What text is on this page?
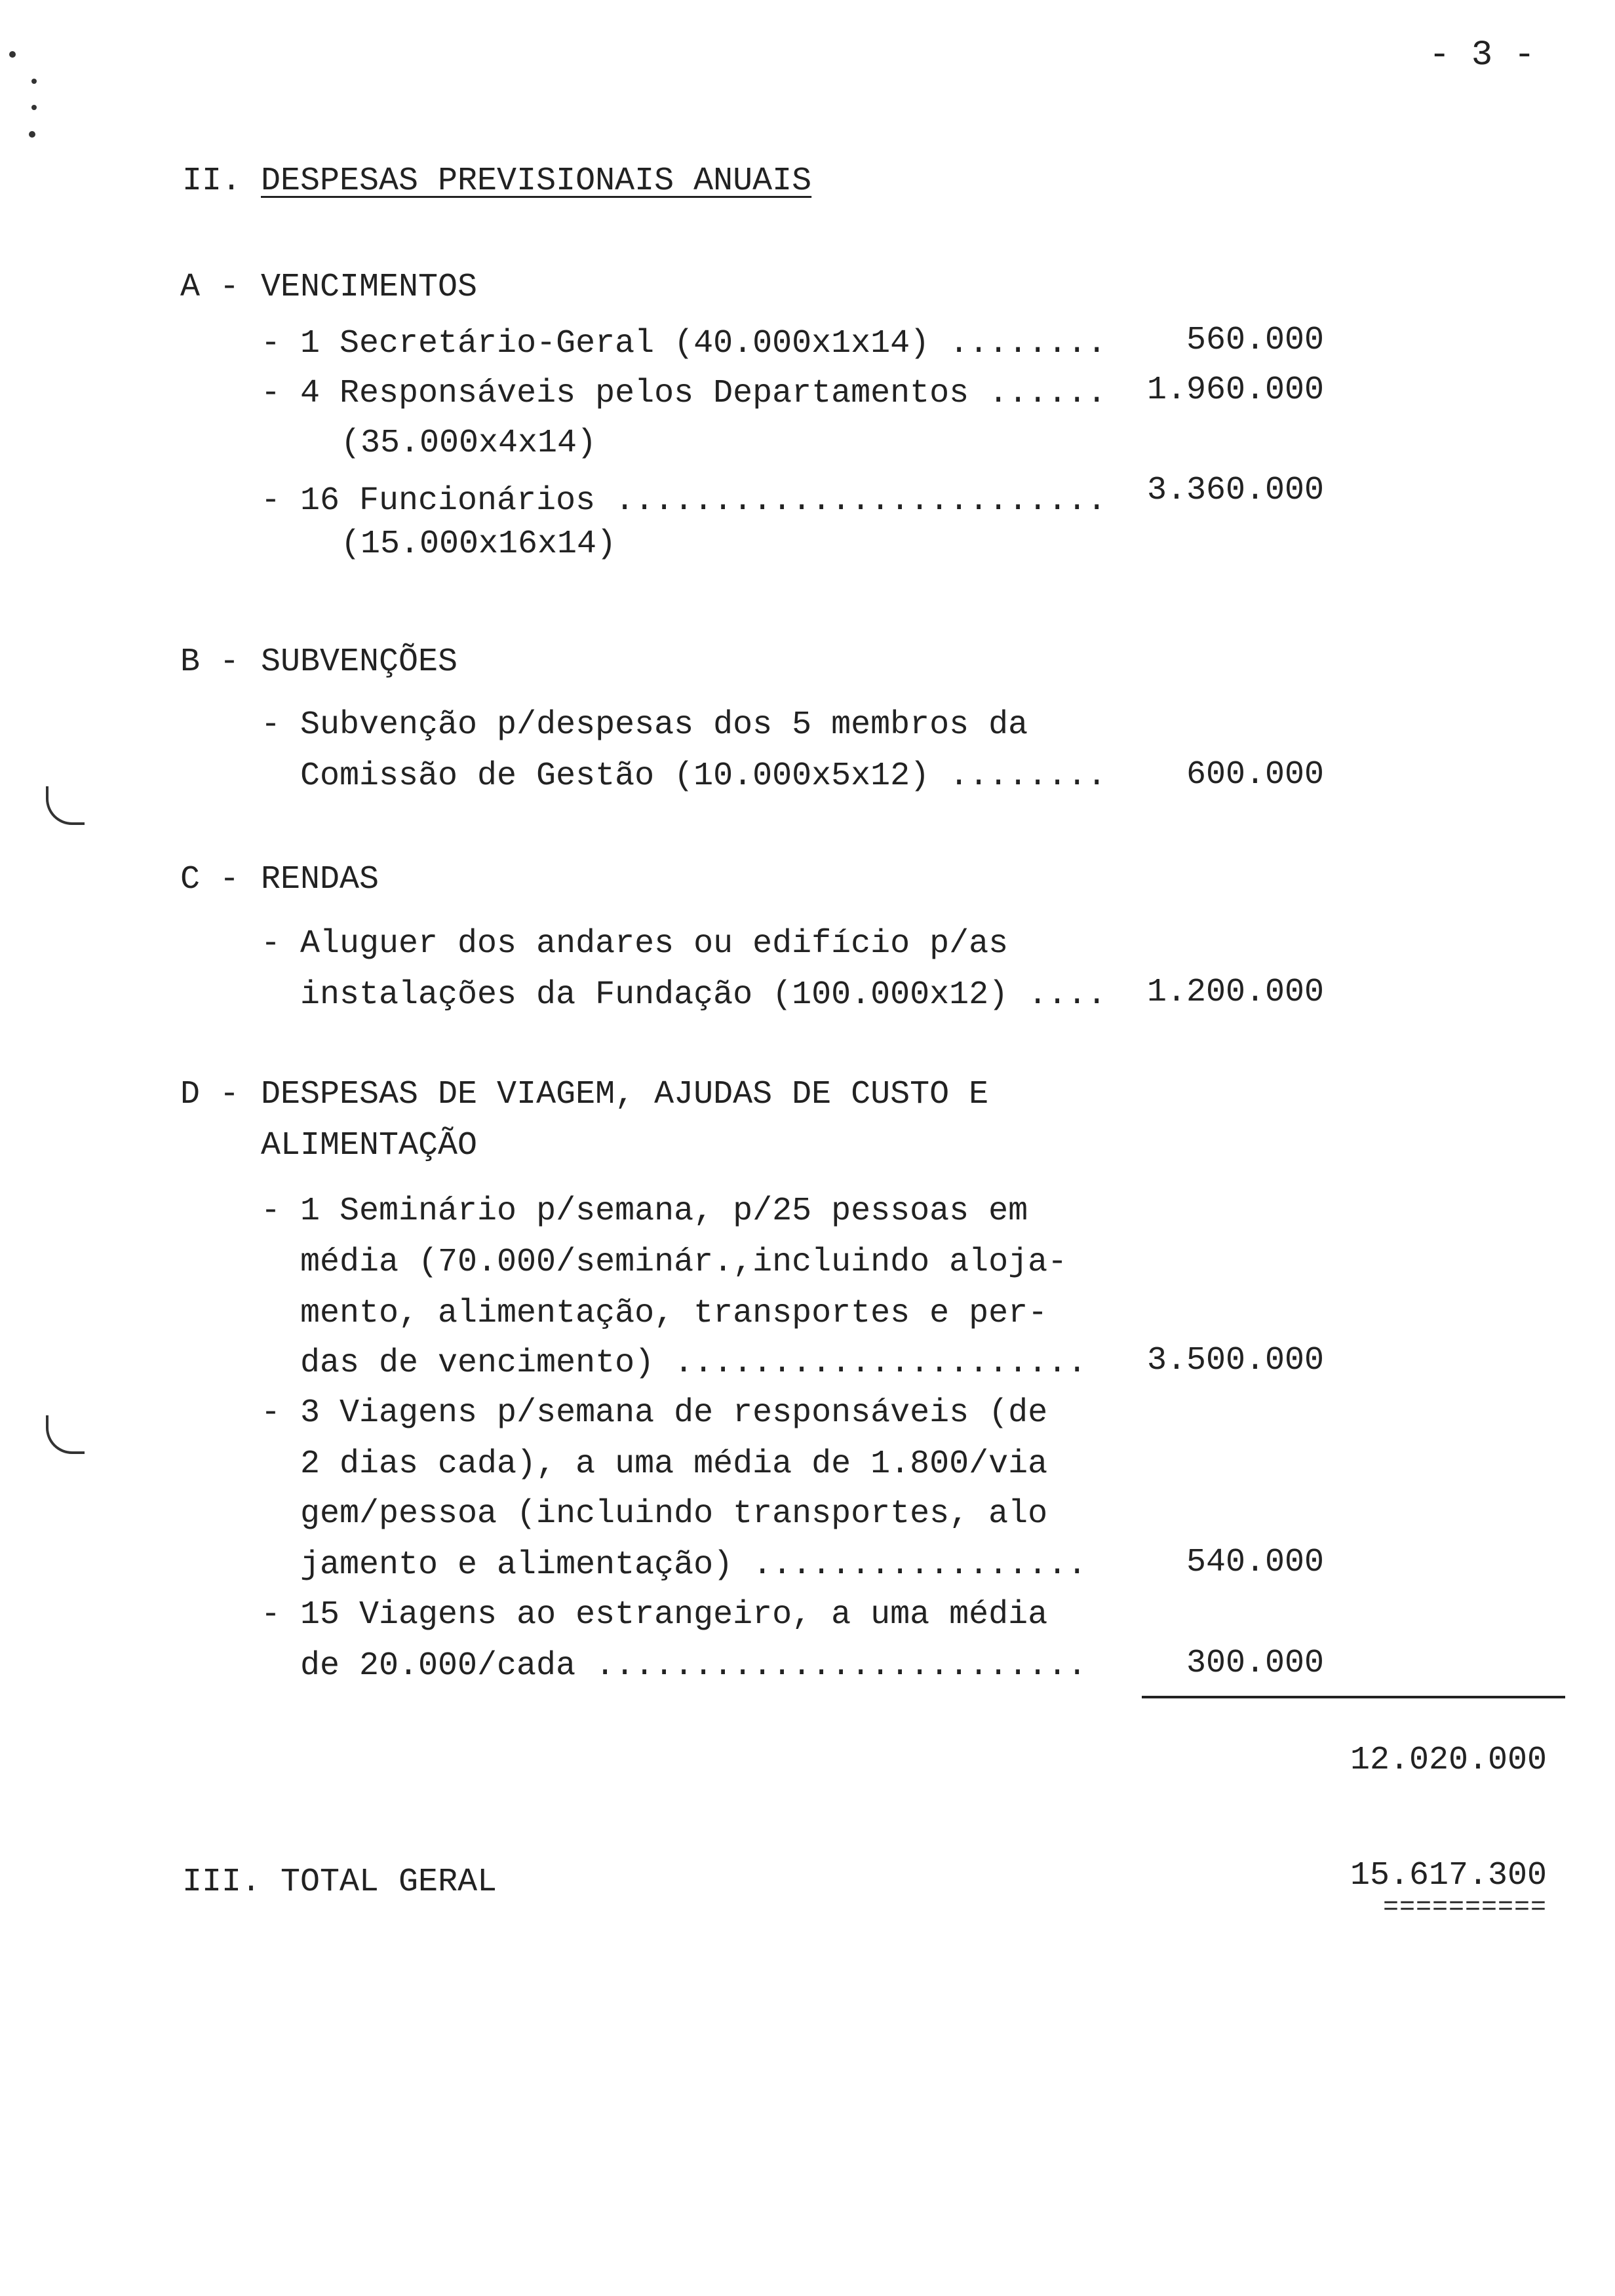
- 3 -
II. DESPESAS PREVISIONAIS ANUAIS
A - VENCIMENTOS
- 1 Secretário-Geral (40.000x1x14) ........	560.000
- 4 Responsáveis pelos Departamentos ......	1.960.000
(35.000x4x14)
- 16 Funcionários .........................	3.360.000
(15.000x16x14)
B - SUBVENÇÕES
- Subvenção p/despesas dos 5 membros da
Comissão de Gestão (10.000x5x12) ........	600.000
C - RENDAS
- Aluguer dos andares ou edifício p/as
instalações da Fundação (100.000x12) ....	1.200.000
D - DESPESAS DE VIAGEM, AJUDAS DE CUSTO E
ALIMENTAÇÃO
- 1 Seminário p/semana, p/25 pessoas em
média (70.000/seminár.,incluindo aloja-
mento, alimentação, transportes e per-
das de vencimento) .....................	3.500.000
- 3 Viagens p/semana de responsáveis (de
2 dias cada), a uma média de 1.800/via
gem/pessoa (incluindo transportes, alo
jamento e alimentação) .................	540.000
- 15 Viagens ao estrangeiro, a uma média
de 20.000/cada .........................	300.000
12.020.000
III. TOTAL GERAL	15.617.300
==========
